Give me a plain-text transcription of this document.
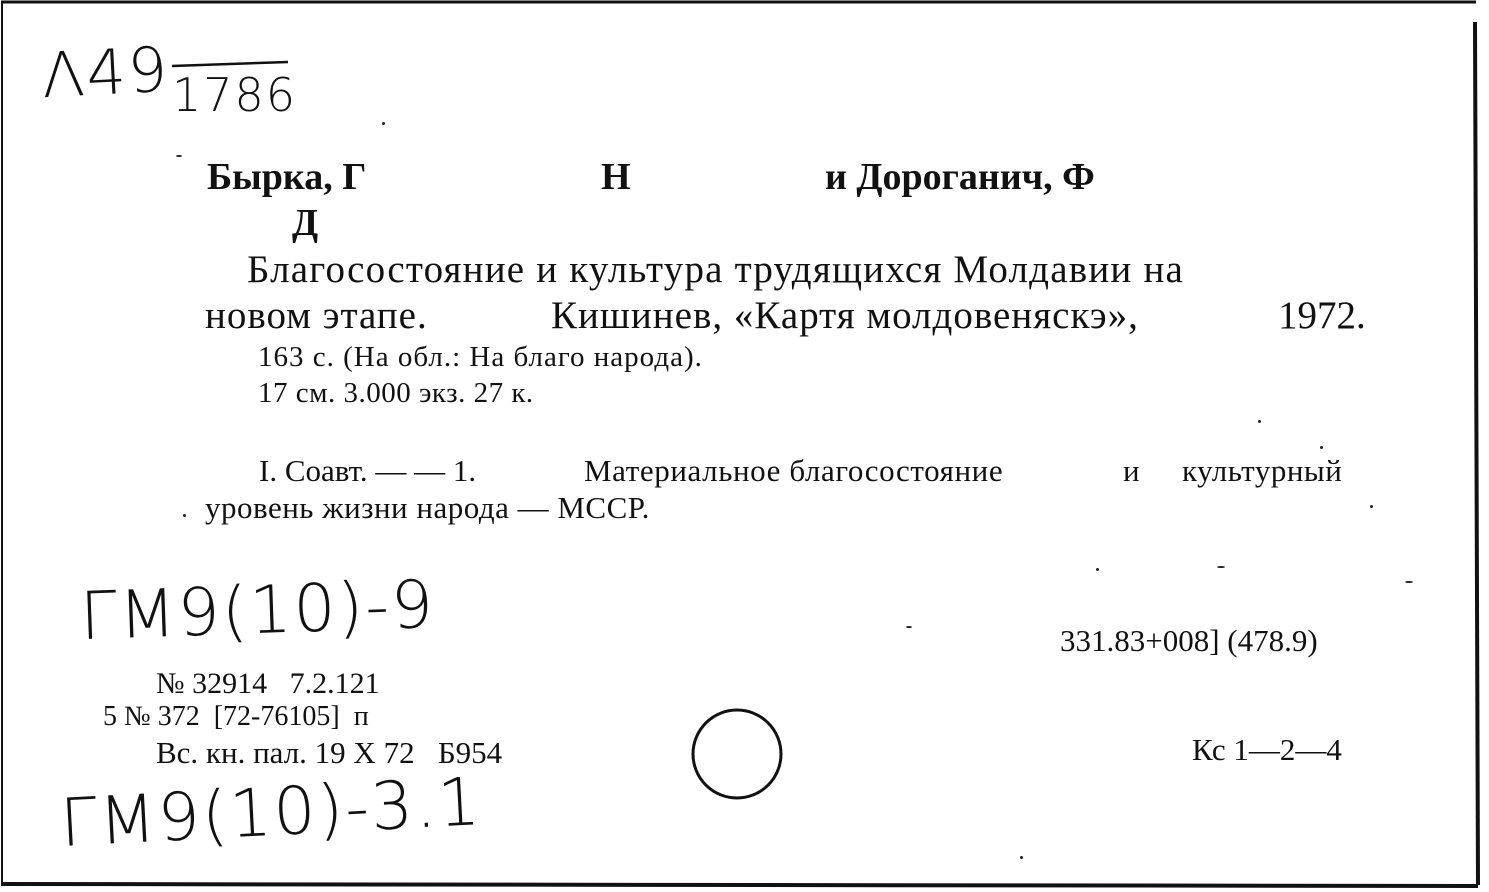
Λ49 1786
Бырка, Г	Н	и Дороганич, Ф
Д
Благосостояние и культура трудящихся Молдавии на
новом этапе.	Кишинев, «Картя молдовеняскэ»,	1972.
163 с. (На обл.: На благо народа).
17 см. 3.000 экз. 27 к.
I. Соавт. — — 1.	Материальное благосостояние	и культурный
уровень жизни народа — МССР.
ΓΜ9(10)-9
ΓΜ9(10)-3.1
331.83+008] (478.9)
№ 32914   7.2.121
5 № 372  [72-76105]  п
Вс. кн. пал. 19 X 72   Б954	Кс 1—2—4
